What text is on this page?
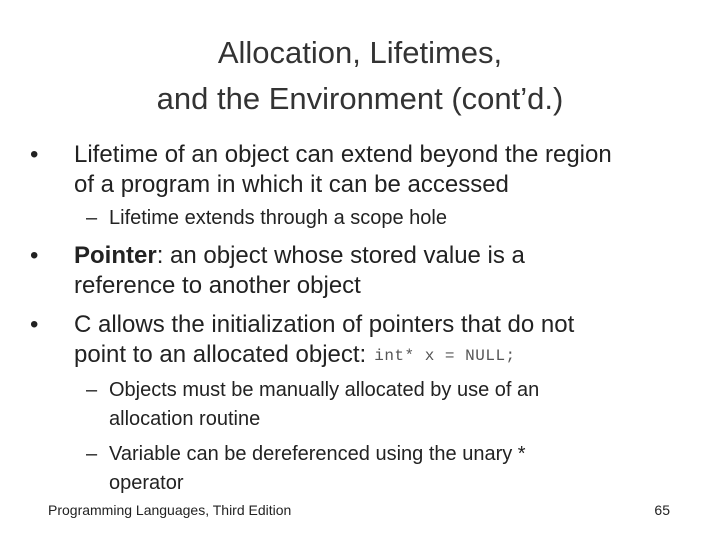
Allocation, Lifetimes,
and the Environment (cont’d.)
• Lifetime of an object can extend beyond the region
of a program in which it can be accessed
– Lifetime extends through a scope hole
• Pointer: an object whose stored value is a
reference to another object
• C allows the initialization of pointers that do not
point to an allocated object: int* x = NULL;
– Objects must be manually allocated by use of an
allocation routine
– Variable can be dereferenced using the unary *
operator
Programming Languages, Third Edition	65
